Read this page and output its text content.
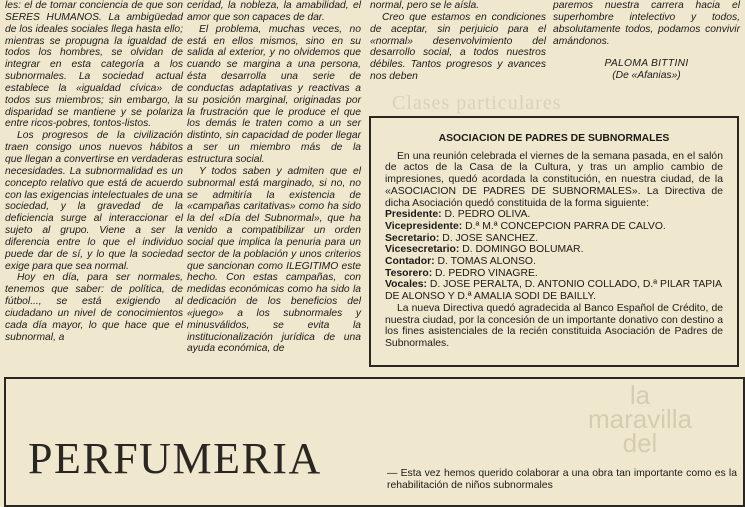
les: el de tomar conciencia de que son SERES HUMANOS. La ambigüedad de los ideales sociales llega hasta ello; mientras se propugna la igualdad de todos los hombres, se olvidan de integrar en esta categoría a los subnormales. La sociedad actual establece la «igualdad cívica» de todos sus miembros; sin embargo, la disparidad se mantiene y se polariza entre ricos-pobres, tontos-listos.

Los progresos de la civilización traen consigo unos nuevos hábitos que llegan a convertirse en verdaderas necesidades. La subnormalidad es un concepto relativo que está de acuerdo con las exigencias intelectuales de una sociedad, y la gravedad de la deficiencia surge al interaccionar el sujeto al grupo. Viene a ser la diferencia entre lo que el individuo puede dar de sí, y lo que la sociedad exige para que sea normal.

Hoy en día, para ser normales, tenemos que saber: de política, de fútbol..., se está exigiendo al ciudadano un nivel de conocimientos cada día mayor, lo que hace que el subnormal, a

ceridad, la nobleza, la amabilidad, el amor que son capaces de dar.

El problema, muchas veces, no está en ellos mismos, sino en su salida al exterior, y no olvidemos que cuando se margina a una persona, ésta desarrolla una serie de conductas adaptativas y reactivas a su posición marginal, originadas por la frustración que le produce el que los demás le traten como a un ser distinto, sin capacidad de poder llegar a ser un miembro más de la estructura social.

Y todos saben y admiten que el subnormal está marginado, si no, no se admitiría la existencia de «campañas caritativas» como ha sido la del «Día del Subnormal», que ha venido a compatibilizar un orden social que implica la penuria para un sector de la población y unos criterios que sancionan como ILEGITIMO este hecho. Con estas campañas, con medidas económicas como ha sido la dedicación de los beneficios del «juego» a los subnormales y minusválidos, se evita la institucionalización jurídica de una ayuda económica, de

normal, pero se le aísla.

Creo que estamos en condiciones de aceptar, sin perjuicio para el «normal» desenvolvimiento del desarrollo social, a todos nuestros débiles. Tantos progresos y avances nos deben

paremos nuestra carrera hacia el superhombre intelectivo y todos, absolutamente todos, podamos convivir amándonos.

PALOMA BITTINI
(De «Afanias»)
Clases particulares
ASOCIACION DE PADRES DE SUBNORMALES

En una reunión celebrada el viernes de la semana pasada, en el salón de actos de la Casa de la Cultura, y tras un amplio cambio de impresiones, quedó acordada la constitución, en nuestra ciudad, de la «ASOCIACION DE PADRES DE SUBNORMALES». La Directiva de dicha Asociación quedó constituida de la forma siguiente:

Presidente: D. PEDRO OLIVA.
Vicepresidente: D.ª M.ª CONCEPCION PARRA DE CALVO.
Secretario: D. JOSE SANCHEZ.
Vicesecretario: D. DOMINGO BOLUMAR.
Contador: D. TOMAS ALONSO.
Tesorero: D. PEDRO VINAGRE.
Vocales: D. JOSE PERALTA, D. ANTONIO COLLADO, D.ª PILAR TAPIA DE ALONSO Y D.ª AMALIA SODI DE BAILLY.

La nueva Directiva quedó agradecida al Banco Español de Crédito, de nuestra ciudad, por la concesión de un importante donativo con destino a los fines asistenciales de la recién constituida Asociación de Padres de Subnormales.

PERFUMERIA	— Esta vez hemos querido colaborar a una obra tan importante como es la rehabilitación de niños subnormales
la
maravilla
del
